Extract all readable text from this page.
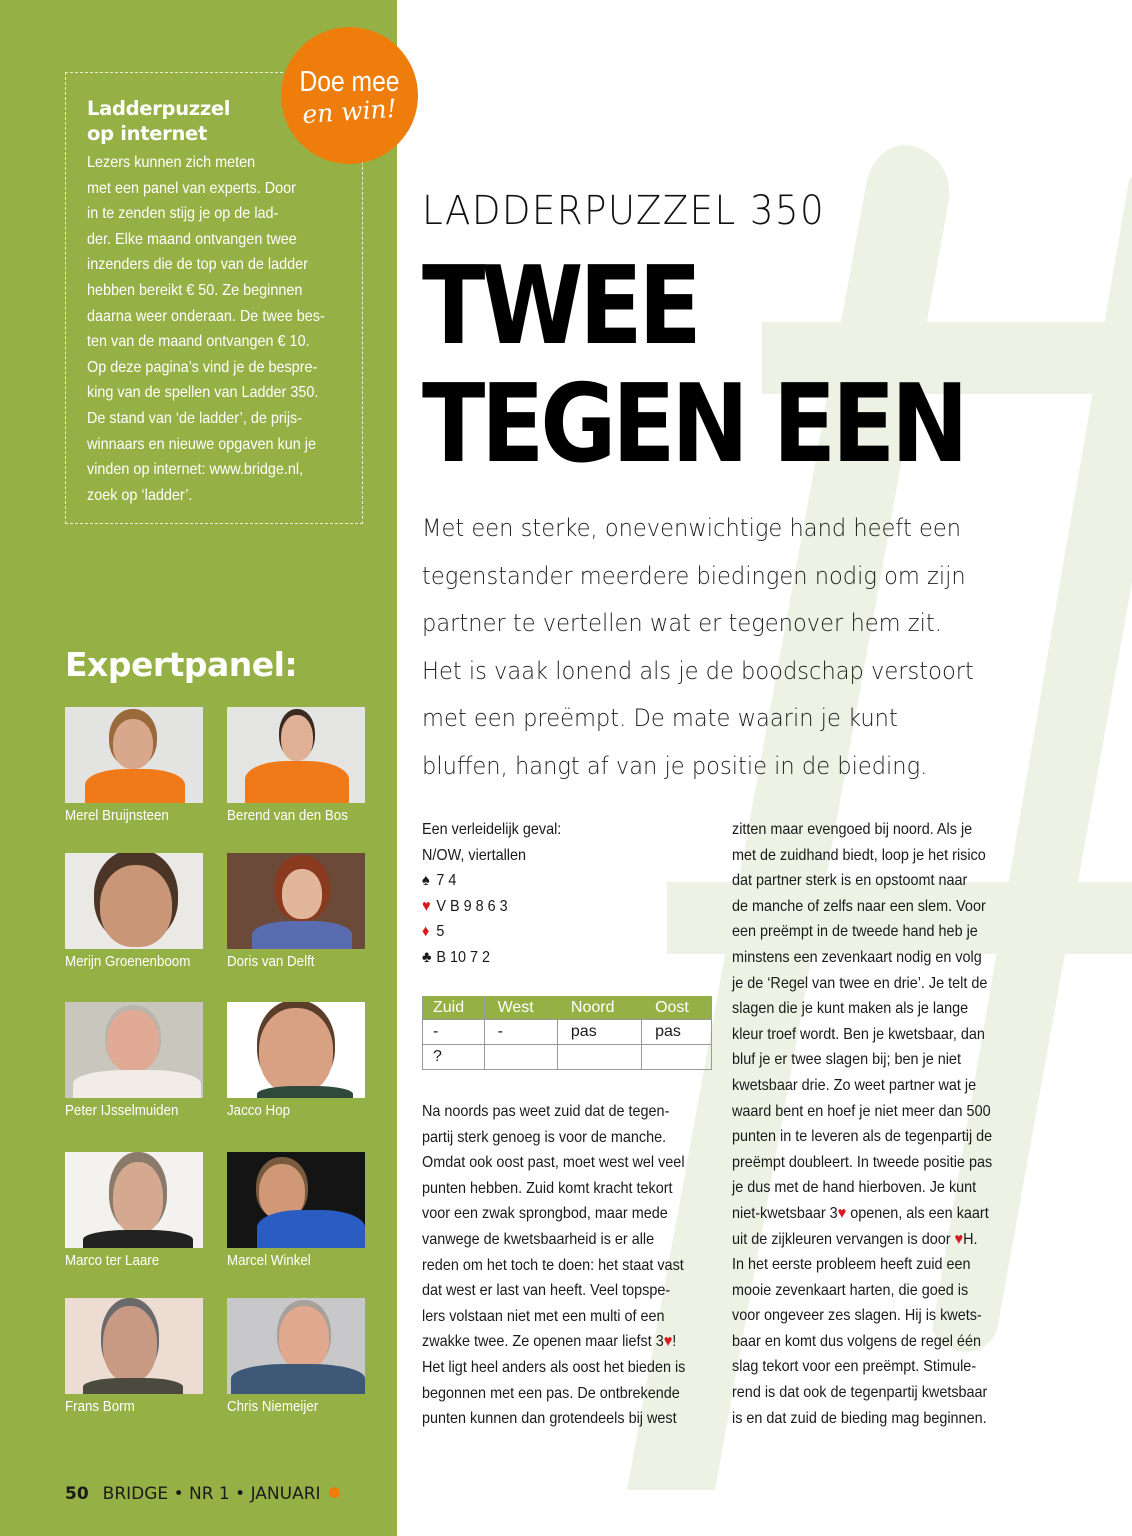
Ladderpuzzel
op internet
Lezers kunnen zich meten
met een panel van experts. Door
in te zenden stijg je op de lad-
der. Elke maand ontvangen twee
inzenders die de top van de ladder
hebben bereikt € 50. Ze beginnen
daarna weer onderaan. De twee bes-
ten van de maand ontvangen € 10.
Op deze pagina’s vind je de bespre-
king van de spellen van Ladder 350.
De stand van ‘de ladder’, de prijs-
winnaars en nieuwe opgaven kun je
vinden op internet: www.bridge.nl,
zoek op ‘ladder’.
Doe mee
en win!
Expertpanel:
Merel Bruijnsteen	Berend van den Bos
Merijn Groenenboom	Doris van Delft
Peter IJsselmuiden	Jacco Hop
Marco ter Laare	Marcel Winkel
Frans Borm	Chris Niemeijer
50 BRIDGE • NR 1 • JANUARI
LADDERPUZZEL 350
TWEE
TEGEN EEN
Met een sterke, onevenwichtige hand heeft een
tegenstander meerdere biedingen nodig om zijn
partner te vertellen wat er tegenover hem zit.
Het is vaak lonend als je de boodschap verstoort
met een preëmpt. De mate waarin je kunt
bluffen, hangt af van je positie in de bieding.
Een verleidelijk geval:
N/OW, viertallen
♠ 7 4
♥ V B 9 8 6 3
♦ 5
♣ B 10 7 2
Zuid	West	Noord	Oost
-	-	pas	pas
?			
Na noords pas weet zuid dat de tegen-
partij sterk genoeg is voor de manche.
Omdat ook oost past, moet west wel veel
punten hebben. Zuid komt kracht tekort
voor een zwak sprongbod, maar mede
vanwege de kwetsbaarheid is er alle
reden om het toch te doen: het staat vast
dat west er last van heeft. Veel topspe-
lers volstaan niet met een multi of een
zwakke twee. Ze openen maar liefst 3♥!
Het ligt heel anders als oost het bieden is
begonnen met een pas. De ontbrekende
punten kunnen dan grotendeels bij west
zitten maar evengoed bij noord. Als je
met de zuidhand biedt, loop je het risico
dat partner sterk is en opstoomt naar
de manche of zelfs naar een slem. Voor
een preëmpt in de tweede hand heb je
minstens een zevenkaart nodig en volg
je de ‘Regel van twee en drie’. Je telt de
slagen die je kunt maken als je lange
kleur troef wordt. Ben je kwetsbaar, dan
bluf je er twee slagen bij; ben je niet
kwetsbaar drie. Zo weet partner wat je
waard bent en hoef je niet meer dan 500
punten in te leveren als de tegenpartij de
preëmpt doubleert. In tweede positie pas
je dus met de hand hierboven. Je kunt
niet-kwetsbaar 3♥ openen, als een kaart
uit de zijkleuren vervangen is door ♥H.
In het eerste probleem heeft zuid een
mooie zevenkaart harten, die goed is
voor ongeveer zes slagen. Hij is kwets-
baar en komt dus volgens de regel één
slag tekort voor een preëmpt. Stimule-
rend is dat ook de tegenpartij kwetsbaar
is en dat zuid de bieding mag beginnen.
